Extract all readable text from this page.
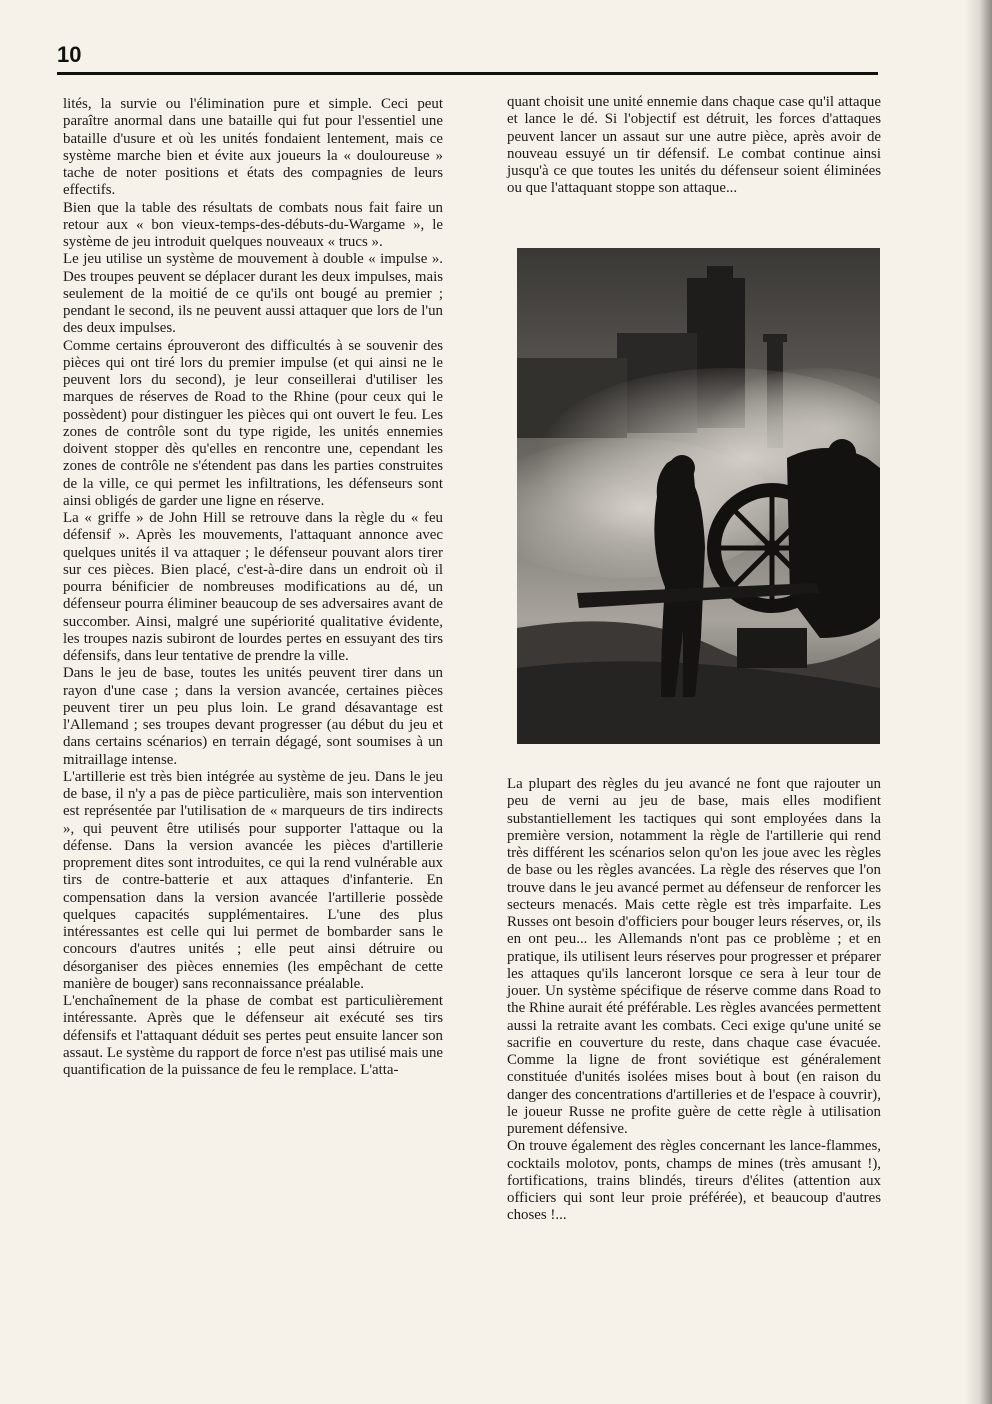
10

lités, la survie ou l'élimination pure et simple. Ceci peut paraître anormal dans une bataille qui fut pour l'essentiel une bataille d'usure et où les unités fondaient lentement, mais ce système marche bien et évite aux joueurs la « douloureuse » tache de noter positions et états des compagnies de leurs effectifs.

Bien que la table des résultats de combats nous fait faire un retour aux « bon vieux-temps-des-débuts-du-Wargame », le système de jeu introduit quelques nouveaux « trucs ».

Le jeu utilise un système de mouvement à double « impulse ». Des troupes peuvent se déplacer durant les deux impulses, mais seulement de la moitié de ce qu'ils ont bougé au premier ; pendant le second, ils ne peuvent aussi attaquer que lors de l'un des deux impulses.

Comme certains éprouveront des difficultés à se souvenir des pièces qui ont tiré lors du premier impulse (et qui ainsi ne le peuvent lors du second), je leur conseillerai d'utiliser les marques de réserves de Road to the Rhine (pour ceux qui le possèdent) pour distinguer les pièces qui ont ouvert le feu. Les zones de contrôle sont du type rigide, les unités ennemies doivent stopper dès qu'elles en rencontre une, cependant les zones de contrôle ne s'étendent pas dans les parties construites de la ville, ce qui permet les infiltrations, les défenseurs sont ainsi obligés de garder une ligne en réserve.

La « griffe » de John Hill se retrouve dans la règle du « feu défensif ». Après les mouvements, l'attaquant annonce avec quelques unités il va attaquer ; le défenseur pouvant alors tirer sur ces pièces. Bien placé, c'est-à-dire dans un endroit où il pourra bénificier de nombreuses modifications au dé, un défenseur pourra éliminer beaucoup de ses adversaires avant de succomber. Ainsi, malgré une supériorité qualitative évidente, les troupes nazis subiront de lourdes pertes en essuyant des tirs défensifs, dans leur tentative de prendre la ville.

Dans le jeu de base, toutes les unités peuvent tirer dans un rayon d'une case ; dans la version avancée, certaines pièces peuvent tirer un peu plus loin. Le grand désavantage est l'Allemand ; ses troupes devant progresser (au début du jeu et dans certains scénarios) en terrain dégagé, sont soumises à un mitraillage intense.

L'artillerie est très bien intégrée au système de jeu. Dans le jeu de base, il n'y a pas de pièce particulière, mais son intervention est représentée par l'utilisation de « marqueurs de tirs indirects », qui peuvent être utilisés pour supporter l'attaque ou la défense. Dans la version avancée les pièces d'artillerie proprement dites sont introduites, ce qui la rend vulnérable aux tirs de contre-batterie et aux attaques d'infanterie. En compensation dans la version avancée l'artillerie possède quelques capacités supplémentaires. L'une des plus intéressantes est celle qui lui permet de bombarder sans le concours d'autres unités ; elle peut ainsi détruire ou désorganiser des pièces ennemies (les empêchant de cette manière de bouger) sans reconnaissance préalable.

L'enchaînement de la phase de combat est particulièrement intéressante. Après que le défenseur ait exécuté ses tirs défensifs et l'attaquant déduit ses pertes peut ensuite lancer son assaut. Le système du rapport de force n'est pas utilisé mais une quantification de la puissance de feu le remplace. L'atta-

quant choisit une unité ennemie dans chaque case qu'il attaque et lance le dé. Si l'objectif est détruit, les forces d'attaques peuvent lancer un assaut sur une autre pièce, après avoir de nouveau essuyé un tir défensif. Le combat continue ainsi jusqu'à ce que toutes les unités du défenseur soient éliminées ou que l'attaquant stoppe son attaque...

La plupart des règles du jeu avancé ne font que rajouter un peu de verni au jeu de base, mais elles modifient substantiellement les tactiques qui sont employées dans la première version, notamment la règle de l'artillerie qui rend très différent les scénarios selon qu'on les joue avec les règles de base ou les règles avancées. La règle des réserves que l'on trouve dans le jeu avancé permet au défenseur de renforcer les secteurs menacés. Mais cette règle est très imparfaite. Les Russes ont besoin d'officiers pour bouger leurs réserves, or, ils en ont peu... les Allemands n'ont pas ce problème ; et en pratique, ils utilisent leurs réserves pour progresser et préparer les attaques qu'ils lanceront lorsque ce sera à leur tour de jouer. Un système spécifique de réserve comme dans Road to the Rhine aurait été préférable. Les règles avancées permettent aussi la retraite avant les combats. Ceci exige qu'une unité se sacrifie en couverture du reste, dans chaque case évacuée. Comme la ligne de front soviétique est généralement constituée d'unités isolées mises bout à bout (en raison du danger des concentrations d'artilleries et de l'espace à couvrir), le joueur Russe ne profite guère de cette règle à utilisation purement défensive.

On trouve également des règles concernant les lance-flammes, cocktails molotov, ponts, champs de mines (très amusant !), fortifications, trains blindés, tireurs d'élites (attention aux officiers qui sont leur proie préférée), et beaucoup d'autres choses !...
